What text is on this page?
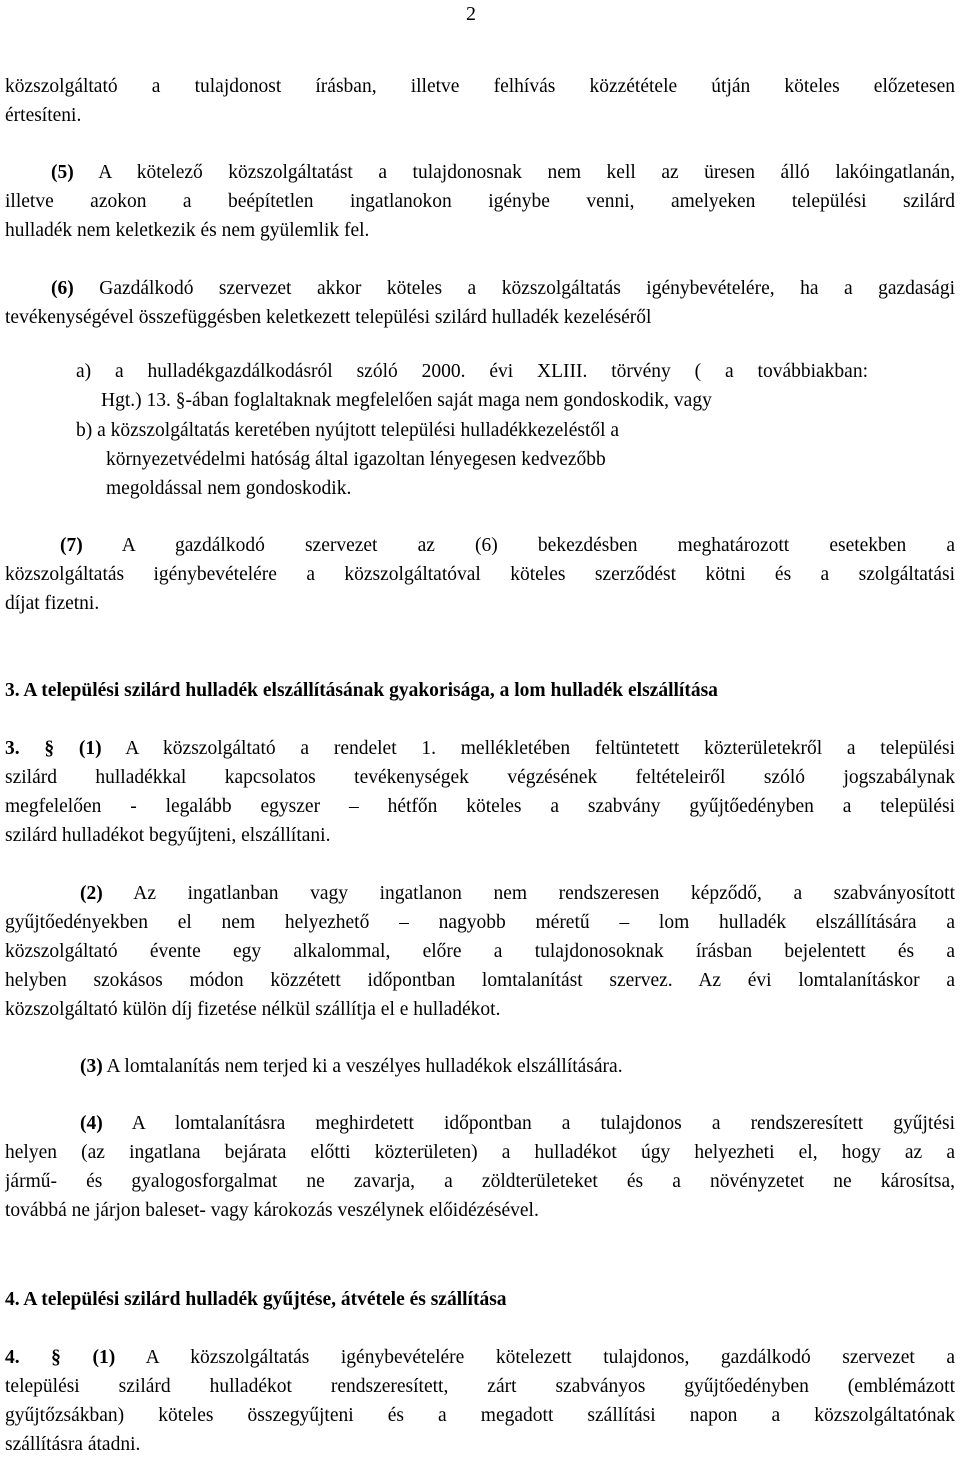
2
közszolgáltató a tulajdonost írásban, illetve felhívás közzététele útján köteles előzetesen
értesíteni.
(5) A kötelező közszolgáltatást a tulajdonosnak nem kell az üresen álló lakóingatlanán,
illetve azokon a beépítetlen ingatlanokon igénybe venni, amelyeken települési szilárd
hulladék nem keletkezik és nem gyülemlik fel.
(6) Gazdálkodó szervezet akkor köteles a közszolgáltatás igénybevételére, ha a gazdasági
tevékenységével összefüggésben keletkezett települési szilárd hulladék kezeléséről
a) a hulladékgazdálkodásról szóló 2000. évi XLIII. törvény ( a továbbiakban:
Hgt.) 13. §-ában foglaltaknak megfelelően saját maga nem gondoskodik, vagy
b) a közszolgáltatás keretében nyújtott települési hulladékkezeléstől a
környezetvédelmi hatóság által igazoltan lényegesen kedvezőbb
megoldással nem gondoskodik.
(7) A gazdálkodó szervezet az (6) bekezdésben meghatározott esetekben a
közszolgáltatás igénybevételére a közszolgáltatóval köteles szerződést kötni és a szolgáltatási
díjat fizetni.
3. A települési szilárd hulladék elszállításának gyakorisága, a lom hulladék elszállítása
3. § (1) A közszolgáltató a rendelet 1. mellékletében feltüntetett közterületekről a települési
szilárd hulladékkal kapcsolatos tevékenységek végzésének feltételeiről szóló jogszabálynak
megfelelően - legalább egyszer – hétfőn köteles a szabvány gyűjtőedényben a települési
szilárd hulladékot begyűjteni, elszállítani.
(2) Az ingatlanban vagy ingatlanon nem rendszeresen képződő, a szabványosított
gyűjtőedényekben el nem helyezhető – nagyobb méretű – lom hulladék elszállítására a
közszolgáltató évente egy alkalommal, előre a tulajdonosoknak írásban bejelentett és a
helyben szokásos módon közzétett időpontban lomtalanítást szervez. Az évi lomtalanításkor a
közszolgáltató külön díj fizetése nélkül szállítja el e hulladékot.
(3) A lomtalanítás nem terjed ki a veszélyes hulladékok elszállítására.
(4) A lomtalanításra meghirdetett időpontban a tulajdonos a rendszeresített gyűjtési
helyen (az ingatlana bejárata előtti közterületen) a hulladékot úgy helyezheti el, hogy az a
jármű- és gyalogosforgalmat ne zavarja, a zöldterületeket és a növényzetet ne károsítsa,
továbbá ne járjon baleset- vagy károkozás veszélynek előidézésével.
4. A települési szilárd hulladék gyűjtése, átvétele és szállítása
4. § (1) A közszolgáltatás igénybevételére kötelezett tulajdonos, gazdálkodó szervezet a
települési szilárd hulladékot rendszeresített, zárt szabványos gyűjtőedényben (emblémázott
gyűjtőzsákban) köteles összegyűjteni és a megadott szállítási napon a közszolgáltatónak
szállításra átadni.
